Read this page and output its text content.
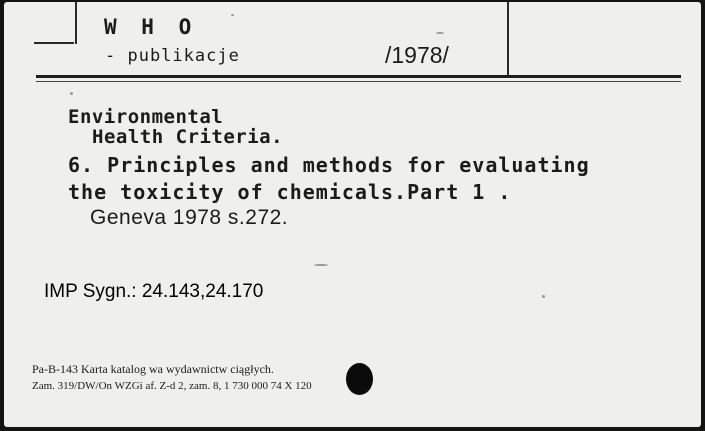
W H O
- publikacje	/1978/
Environmental
Health Criteria.
6. Principles and methods for evaluating
the toxicity of chemicals.Part 1 .
Geneva 1978 s.272.
IMP Sygn.: 24.143,24.170
Pa-B-143 Karta katalog wa wydawnictw ciągłych.
Zam. 319/DW/On WZGi af. Z-d 2, zam. 8, 1 730 000 74 X 120
